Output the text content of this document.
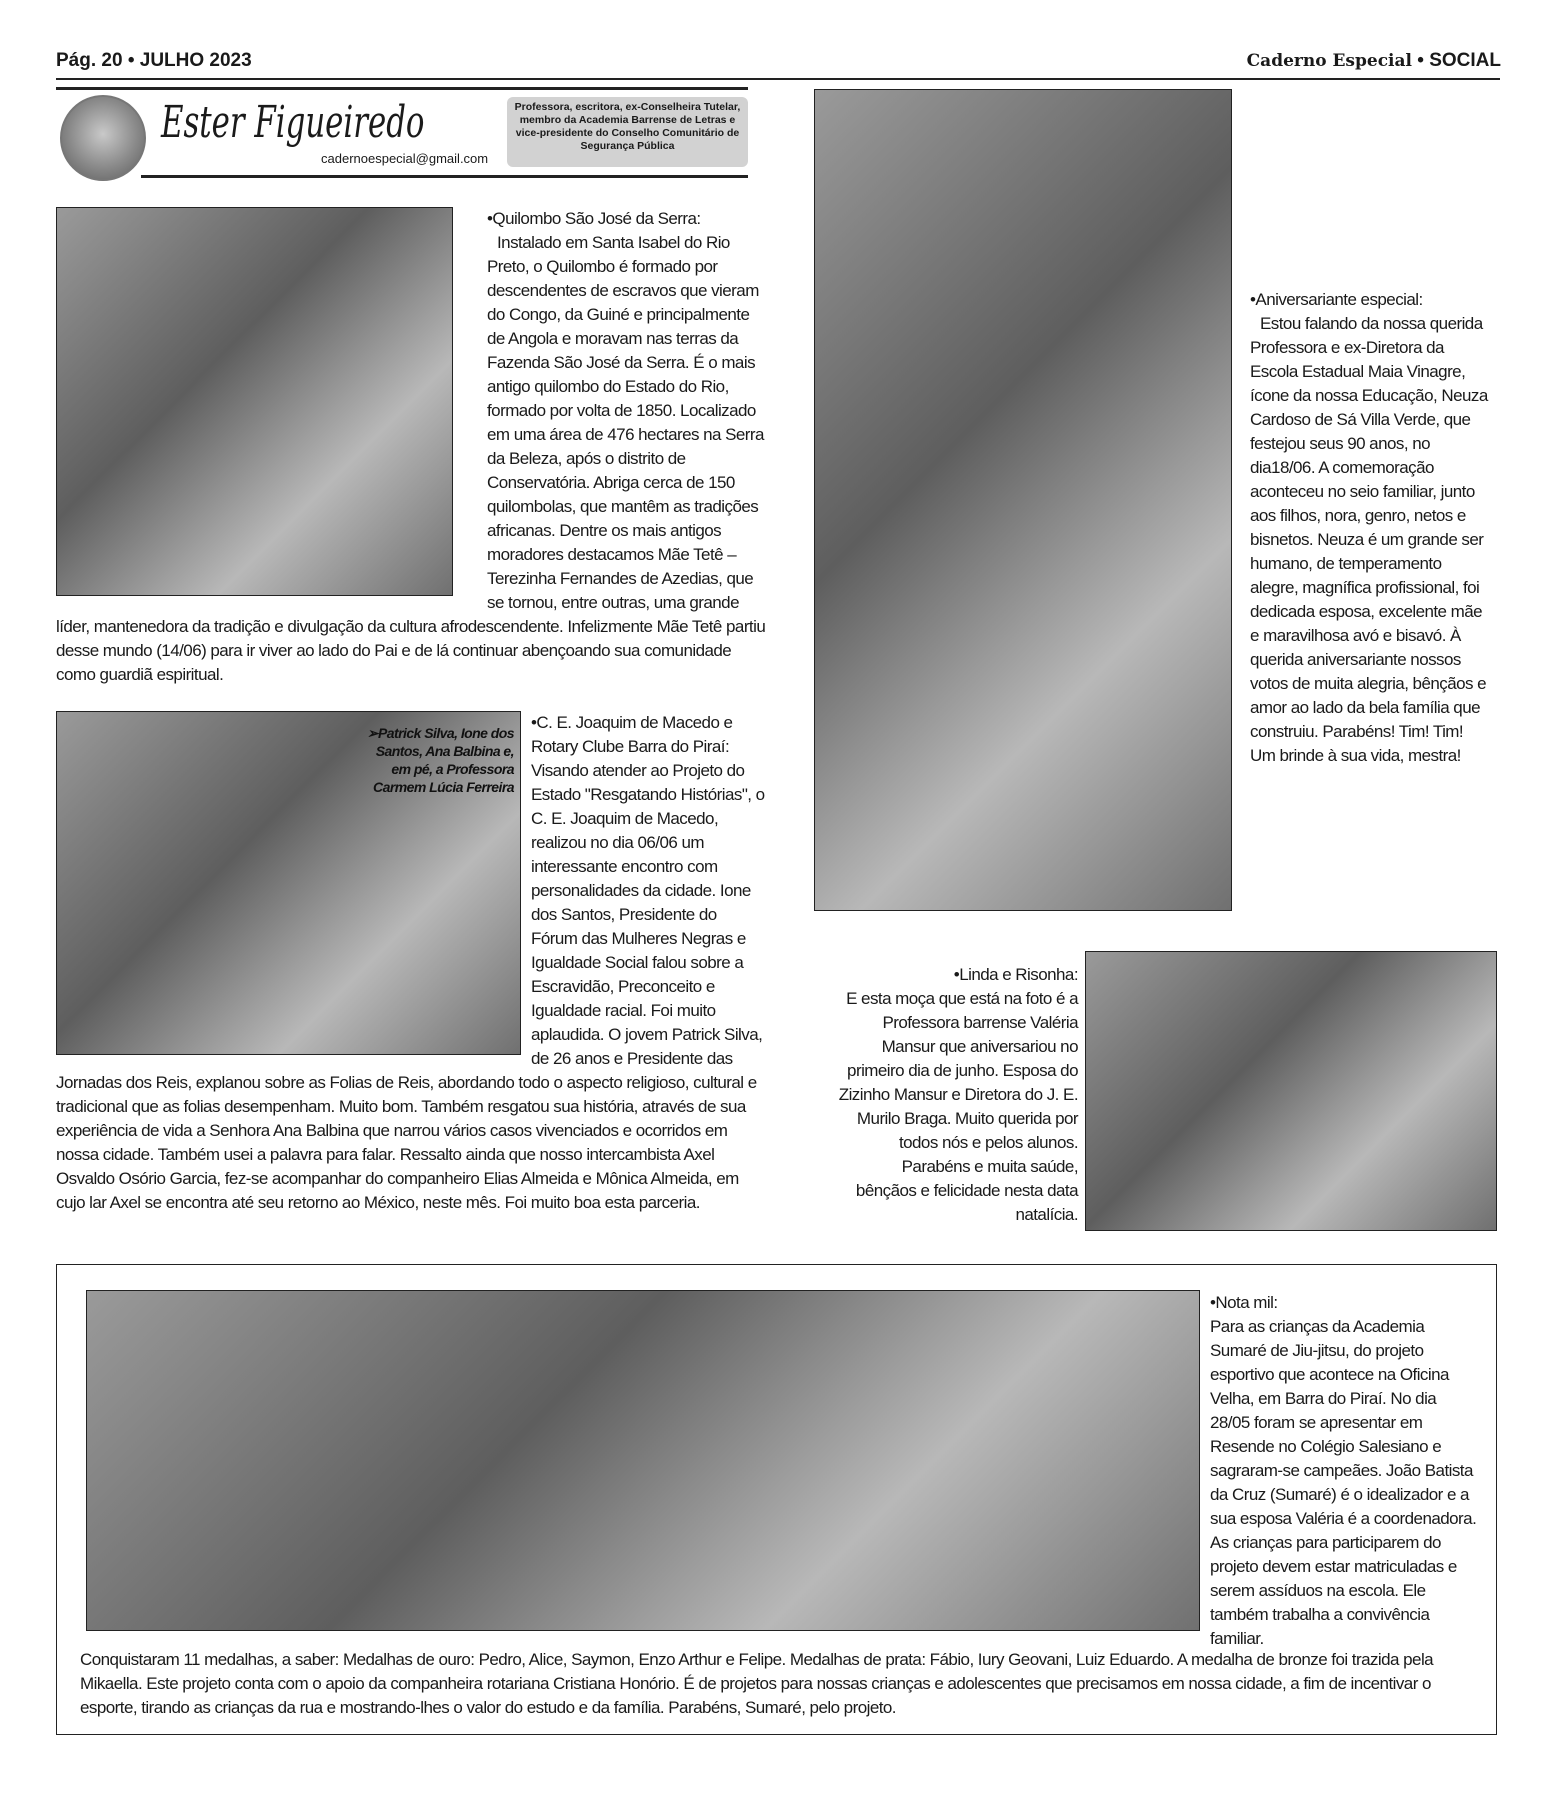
Pág. 20 • JULHO 2023	Caderno Especial • SOCIAL
Ester Figueiredo
cadernoespecial@gmail.com
Professora, escritora, ex-Conselheira Tutelar, membro da Academia Barrense de Letras e vice-presidente do Conselho Comunitário de Segurança Pública

•Quilombo São José da Serra:

Instalado em Santa Isabel do Rio Preto, o Quilombo é formado por descendentes de escravos que vieram do Congo, da Guiné e principalmente de Angola e moravam nas terras da Fazenda São José da Serra. É o mais antigo quilombo do Estado do Rio, formado por volta de 1850. Localizado em uma área de 476 hectares na Serra da Beleza, após o distrito de Conservatória. Abriga cerca de 150 quilombolas, que mantêm as tradições africanas. Dentre os mais antigos moradores destacamos Mãe Tetê – Terezinha Fernandes de Azedias, que se tornou, entre outras, uma grande líder, mantenedora da tradição e divulgação da cultura afrodescendente. Infelizmente Mãe Tetê partiu desse mundo (14/06) para ir viver ao lado do Pai e de lá continuar abençoando sua comunidade como guardiã espiritual.

➢Patrick Silva, Ione dos Santos, Ana Balbina e, em pé, a Professora Carmem Lúcia Ferreira

•C. E. Joaquim de Macedo e Rotary Clube Barra do Piraí:

Visando atender ao Projeto do Estado "Resgatando Histórias", o C. E. Joaquim de Macedo, realizou no dia 06/06 um interessante encontro com personalidades da cidade. Ione dos Santos, Presidente do Fórum das Mulheres Negras e Igualdade Social falou sobre a Escravidão, Preconceito e Igualdade racial. Foi muito aplaudida. O jovem Patrick Silva, de 26 anos e Presidente das Jornadas dos Reis, explanou sobre as Folias de Reis, abordando todo o aspecto religioso, cultural e tradicional que as folias desempenham. Muito bom. Também resgatou sua história, através de sua experiência de vida a Senhora Ana Balbina que narrou vários casos vivenciados e ocorridos em nossa cidade. Também usei a palavra para falar. Ressalto ainda que nosso intercambista Axel Osvaldo Osório Garcia, fez-se acompanhar do companheiro Elias Almeida e Mônica Almeida, em cujo lar Axel se encontra até seu retorno ao México, neste mês. Foi muito boa esta parceria.

•Aniversariante especial:

Estou falando da nossa querida Professora e ex-Diretora da Escola Estadual Maia Vinagre, ícone da nossa Educação, Neuza Cardoso de Sá Villa Verde, que festejou seus 90 anos, no dia18/06. A comemoração aconteceu no seio familiar, junto aos filhos, nora, genro, netos e bisnetos. Neuza é um grande ser humano, de temperamento alegre, magnífica profissional, foi dedicada esposa, excelente mãe e maravilhosa avó e bisavó. À querida aniversariante nossos votos de muita alegria, bênçãos e amor ao lado da bela família que construiu. Parabéns! Tim! Tim! Um brinde à sua vida, mestra!

•Linda e Risonha:

E esta moça que está na foto é a Professora barrense Valéria Mansur que aniversariou no primeiro dia de junho. Esposa do Zizinho Mansur e Diretora do J. E. Murilo Braga. Muito querida por todos nós e pelos alunos. Parabéns e muita saúde, bênçãos e felicidade nesta data natalícia.

•Nota mil:

Para as crianças da Academia Sumaré de Jiu-jitsu, do projeto esportivo que acontece na Oficina Velha, em Barra do Piraí. No dia 28/05 foram se apresentar em Resende no Colégio Salesiano e sagraram-se campeães. João Batista da Cruz (Sumaré) é o idealizador e a sua esposa Valéria é a coordenadora. As crianças para participarem do projeto devem estar matriculadas e serem assíduos na escola. Ele também trabalha a convivência familiar.

Conquistaram 11 medalhas, a saber: Medalhas de ouro: Pedro, Alice, Saymon, Enzo Arthur e Felipe. Medalhas de prata: Fábio, Iury Geovani, Luiz Eduardo. A medalha de bronze foi trazida pela Mikaella. Este projeto conta com o apoio da companheira rotariana Cristiana Honório. É de projetos para nossas crianças e adolescentes que precisamos em nossa cidade, a fim de incentivar o esporte, tirando as crianças da rua e mostrando-lhes o valor do estudo e da família. Parabéns, Sumaré, pelo projeto.
